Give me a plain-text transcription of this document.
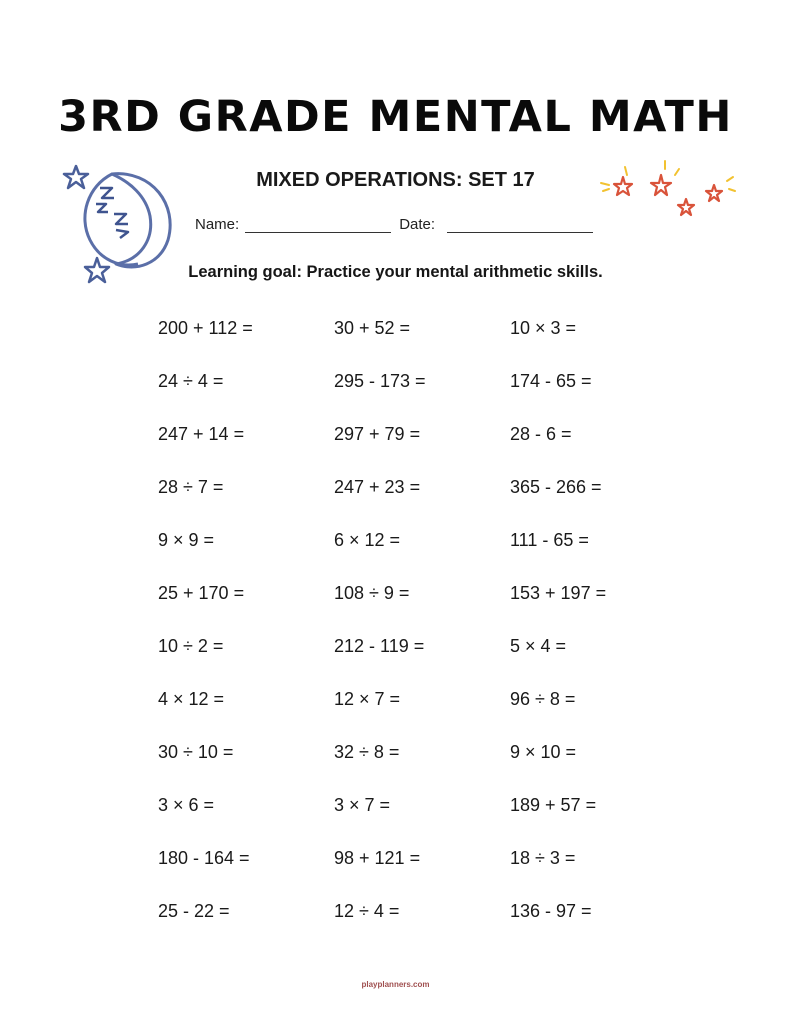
3RD GRADE MENTAL MATH
MIXED OPERATIONS: SET 17
Name:	Date:

Learning goal: Practice your mental arithmetic skills.

200 + 112 =	30 + 52 =	10 × 3 =
24 ÷ 4 =	295 - 173 =	174 - 65 =
247 + 14 =	297 + 79 =	28 - 6 =
28 ÷ 7 =	247 + 23 =	365 - 266 =
9 × 9 =	6 × 12 =	111 - 65 =
25 + 170 =	108 ÷ 9 =	153 + 197 =
10 ÷ 2 =	212 - 119 =	5 × 4 =
4 × 12 =	12 × 7 =	96 ÷ 8 =
30 ÷ 10 =	32 ÷ 8 =	9 × 10 =
3 × 6 =	3 × 7 =	189 + 57 =
180 - 164 =	98 + 121 =	18 ÷ 3 =
25 - 22 =	12 ÷ 4 =	136 - 97 =
playplanners.com
